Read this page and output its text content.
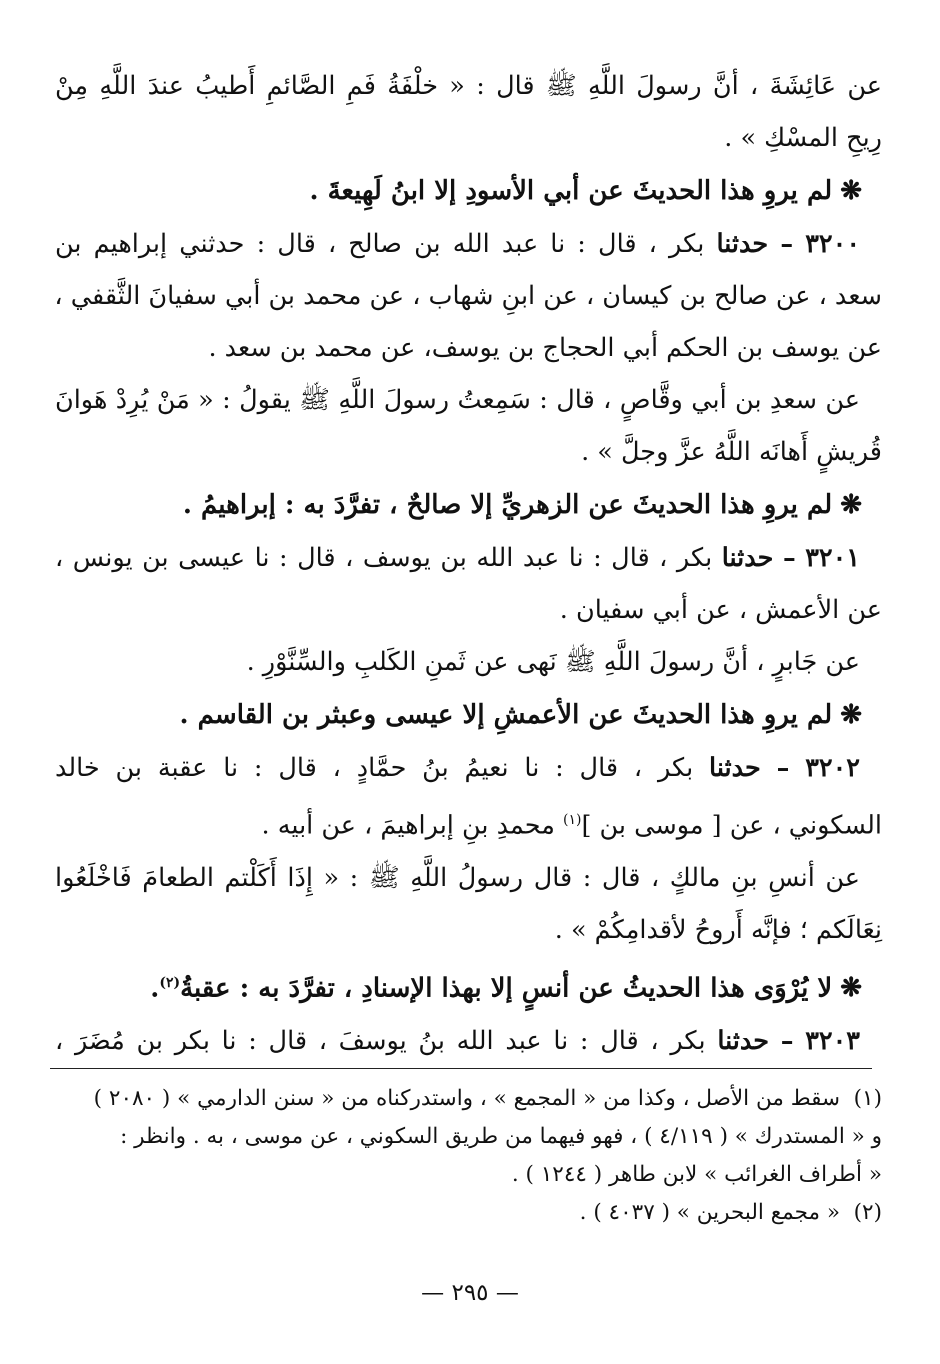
عن عَائِشَةَ ، أنَّ رسولَ اللَّهِ ﷺ قال : « خلْفَةُ فَمِ الصَّائمِ أَطيبُ عندَ اللَّهِ مِنْ
رِيحِ المسْكِ » .
❋لم يروِ هذا الحديثَ عن أبي الأسودِ إلا ابنُ لَهِيعةَ .
٣٢٠٠ – حدثنا بكر ، قال : نا عبد الله بن صالح ، قال : حدثني إبراهيم بن
سعد ، عن صالح بن كيسان ، عن ابنِ شهاب ، عن محمد بن أبي سفيانَ الثَّقفي ،
عن يوسف بن الحكم أبي الحجاج بن يوسف، عن محمد بن سعد .
عن سعدِ بن أبي وقَّاصٍ ، قال : سَمِعتُ رسولَ اللَّهِ ﷺ يقولُ : « مَنْ يُرِدْ هَوانَ
قُريشٍ أَهانَه اللَّهُ عزَّ وجلَّ » .
❋لم يروِ هذا الحديثَ عن الزهريِّ إلا صالحٌ ، تفرَّدَ به : إبراهيمُ .
٣٢٠١ – حدثنا بكر ، قال : نا عبد الله بن يوسف ، قال : نا عيسى بن يونس ،
عن الأعمش ، عن أبي سفيان .
عن جَابرٍ ، أنَّ رسولَ اللَّهِ ﷺ نَهى عن ثَمنِ الكَلبِ والسِّنَّوْرِ .
❋لم يروِ هذا الحديثَ عن الأعمشِ إلا عيسى وعبثر بن القاسم .
٣٢٠٢ – حدثنا بكر ، قال : نا نعيمُ بنُ حمَّادٍ ، قال : نا عقبة بن خالد
السكوني ، عن [ موسى بن ]$^{(١)}$ محمدِ بنِ إبراهيمَ ، عن أبيه .
عن أنسِ بنِ مالكٍ ، قال : قال رسولُ اللَّهِ ﷺ : « إِذَا أَكَلْتم الطعامَ فَاخْلَعُوا
نِعَالَكم ؛ فإنَّه أَروحُ لأقدامِكُمْ » .
❋لا يُرْوَى هذا الحديثُ عن أنسٍ إلا بهذا الإسنادِ ، تفرَّدَ به : عقبةُ$^{(٢)}$.
٣٢٠٣ – حدثنا بكر ، قال : نا عبد الله بنُ يوسفَ ، قال : نا بكر بن مُضَرَ ،
(١)سقط من الأصل ، وكذا من « المجمع » ، واستدركناه من « سنن الدارمي » ( ٢٠٨٠ )
و « المستدرك » ( ٤/١١٩ ) ، فهو فيهما من طريق السكوني ، عن موسى ، به . وانظر :
« أطراف الغرائب » لابن طاهر ( ١٢٤٤ ) .
(٢)« مجمع البحرين » ( ٤٠٣٧ ) .
— ٢٩٥ —
